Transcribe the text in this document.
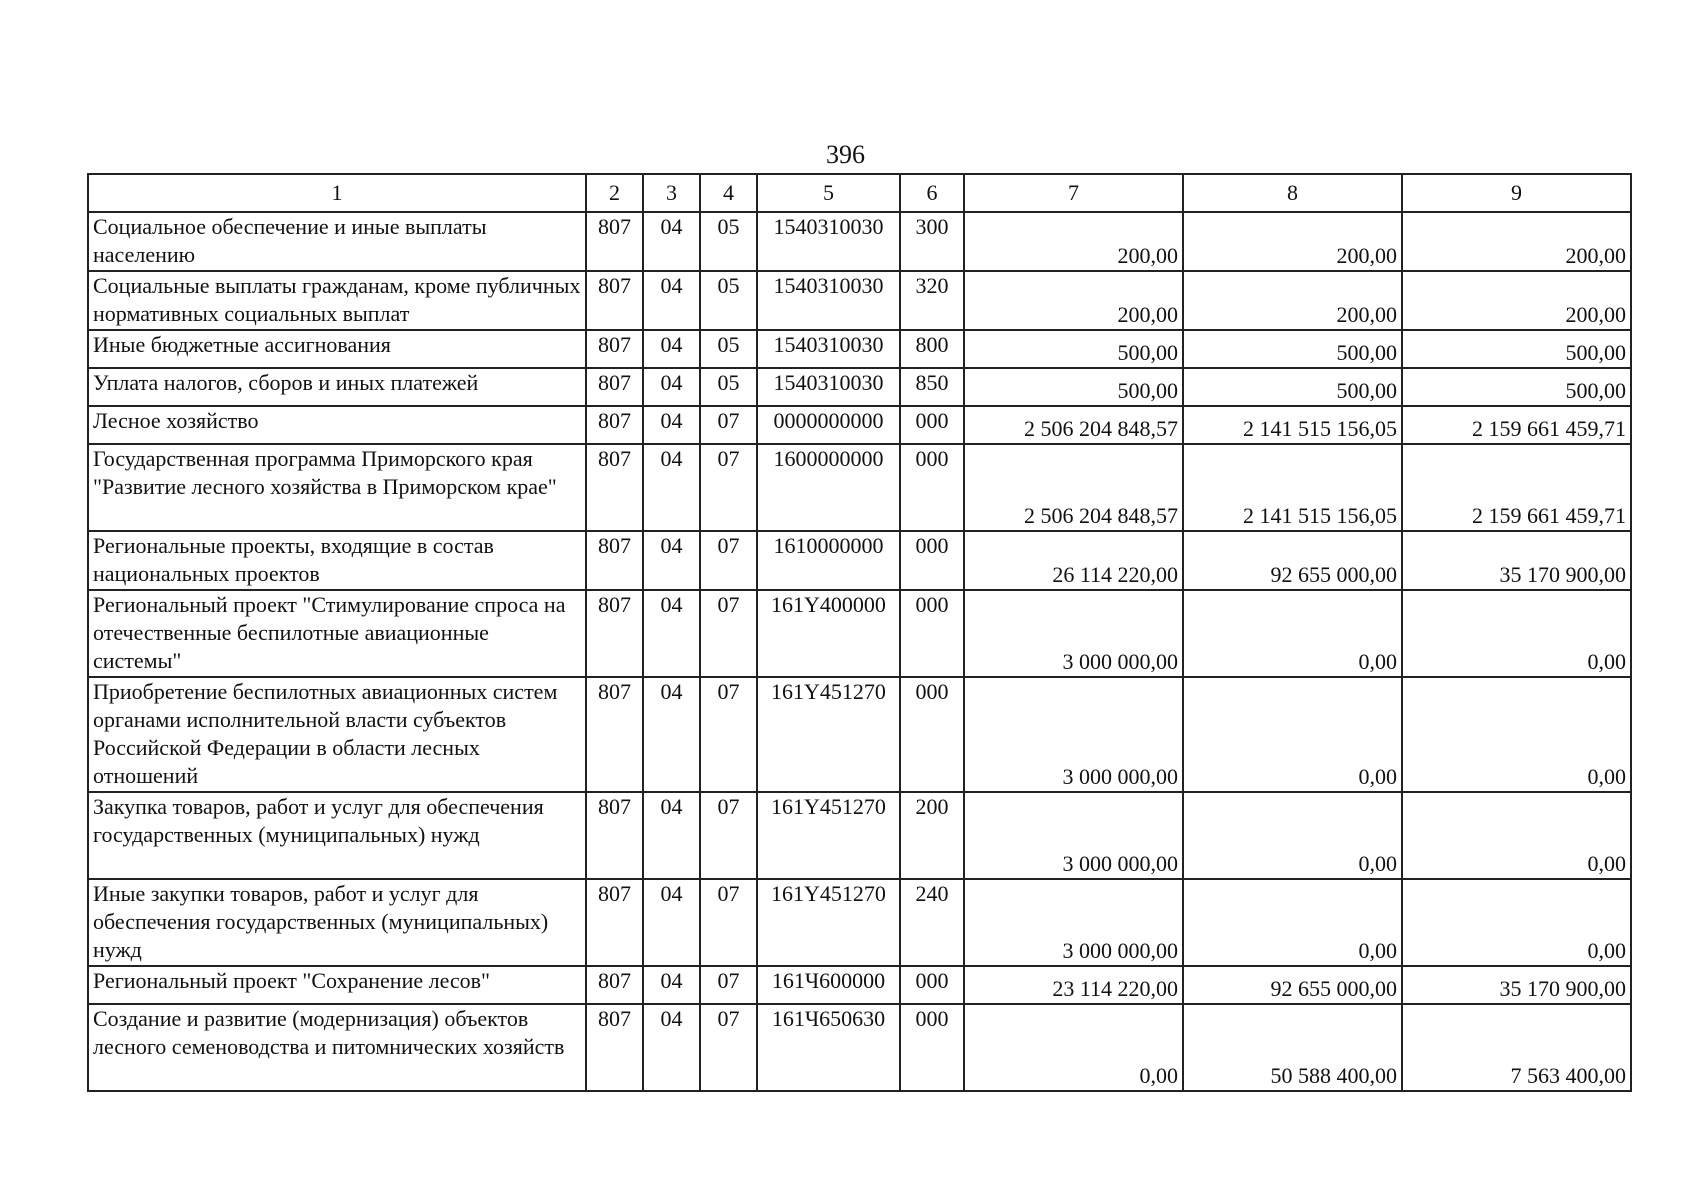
396
1	2	3	4	5	6	7	8	9
Социальное обеспечение и иные выплаты населению	807	04	05	1540310030	300	200,00	200,00	200,00
Социальные выплаты гражданам, кроме публичных нормативных социальных выплат	807	04	05	1540310030	320	200,00	200,00	200,00
Иные бюджетные ассигнования	807	04	05	1540310030	800	500,00	500,00	500,00
Уплата налогов, сборов и иных платежей	807	04	05	1540310030	850	500,00	500,00	500,00
Лесное хозяйство	807	04	07	0000000000	000	2 506 204 848,57	2 141 515 156,05	2 159 661 459,71
Государственная программа Приморского края "Развитие лесного хозяйства в Приморском крае"	807	04	07	1600000000	000	2 506 204 848,57	2 141 515 156,05	2 159 661 459,71
Региональные проекты, входящие в состав национальных проектов	807	04	07	1610000000	000	26 114 220,00	92 655 000,00	35 170 900,00
Региональный проект "Стимулирование спроса на отечественные беспилотные авиационные системы"	807	04	07	161Y400000	000	3 000 000,00	0,00	0,00
Приобретение беспилотных авиационных систем органами исполнительной власти субъектов Российской Федерации в области лесных отношений	807	04	07	161Y451270	000	3 000 000,00	0,00	0,00
Закупка товаров, работ и услуг для обеспечения государственных (муниципальных) нужд	807	04	07	161Y451270	200	3 000 000,00	0,00	0,00
Иные закупки товаров, работ и услуг для обеспечения государственных (муниципальных) нужд	807	04	07	161Y451270	240	3 000 000,00	0,00	0,00
Региональный проект "Сохранение лесов"	807	04	07	161Ч600000	000	23 114 220,00	92 655 000,00	35 170 900,00
Создание и развитие (модернизация) объектов лесного семеноводства и питомнических хозяйств	807	04	07	161Ч650630	000	0,00	50 588 400,00	7 563 400,00
